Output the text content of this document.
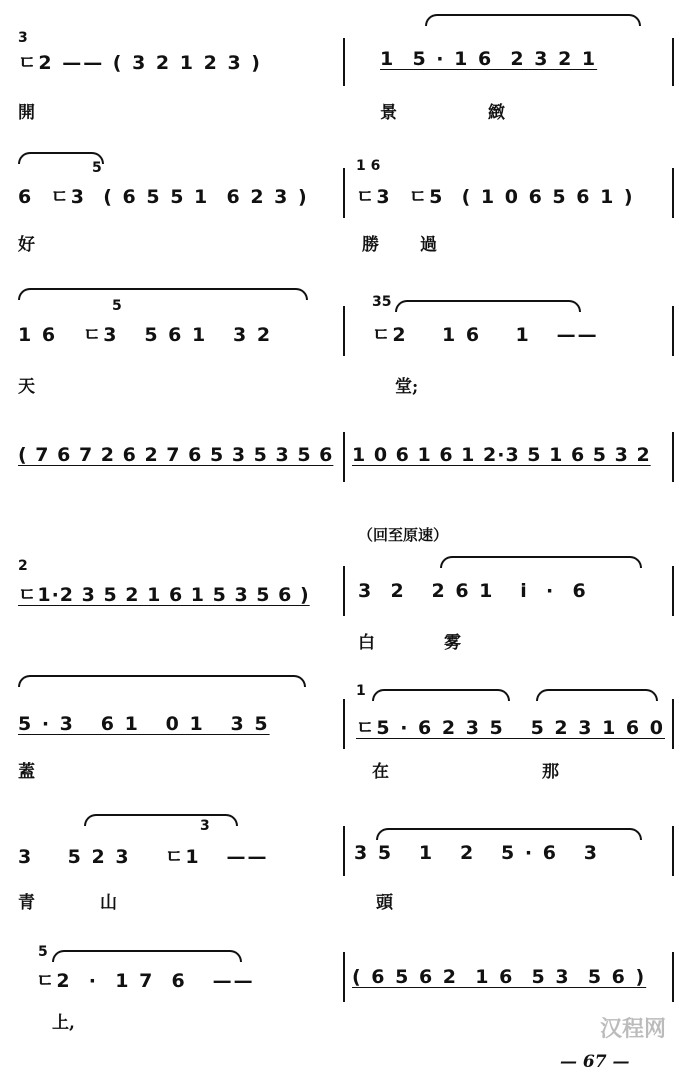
3
ㄷ2 —— ( 3 2 1 2 3 )	1  5 · 1 6  2 3 2 1
開	景	緻
5
6  ㄷ3  ( 6 5 5 1  6 2 3 )
1 6
ㄷ3  ㄷ5  ( 1 0 6 5 6 1 )
好	勝 過
5
1 6   ㄷ3   5 6 1   3 2
35
ㄷ2    1 6    1   ——
天	堂;
( 7 6 7 2 6 2 7 6 5 3 5 3 5 6 1 0 6 1 6 1 2·3 5 1 6 5 3 2
（回至原速）
2
ㄷ1·2 3 5 2 1 6 1 5 3 5 6 )	3  2   2 6 1   i  ·  6
白	雾
5 · 3   6 1   0 1   3 5
1
ㄷ5 · 6 2 3 5   5 2 3 1 6 0
蓋	在	那
3
3    5 2 3    ㄷ1   ——	3 5   1   2   5 · 6   3
青	山	頭
5
ㄷ2  ·  1 7  6   ——	( 6 5 6 2  1 6  5 3  5 6 )
上,
— 67 —
汉程网
